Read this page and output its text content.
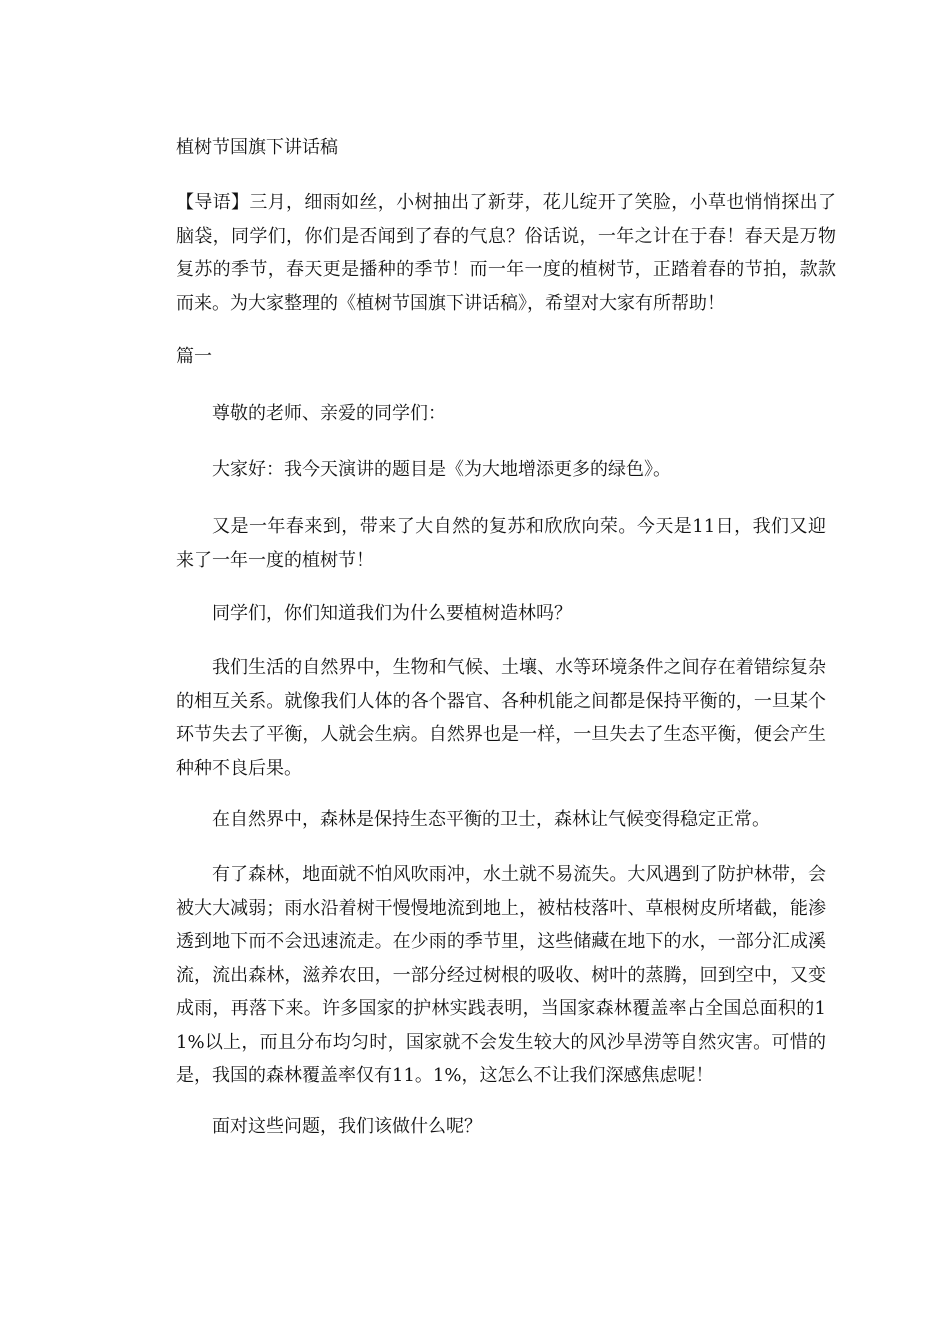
植树节国旗下讲话稿
【导语】三月，细雨如丝，小树抽出了新芽，花儿绽开了笑脸，小草也悄悄探出了脑袋，同学们，你们是否闻到了春的气息？俗话说，一年之计在于春！春天是万物复苏的季节，春天更是播种的季节！而一年一度的植树节，正踏着春的节拍，款款而来。为大家整理的《植树节国旗下讲话稿》，希望对大家有所帮助！
篇一
尊敬的老师、亲爱的同学们：
大家好：我今天演讲的题目是《为大地增添更多的绿色》。
又是一年春来到，带来了大自然的复苏和欣欣向荣。今天是11日，我们又迎来了一年一度的植树节！
同学们，你们知道我们为什么要植树造林吗？
我们生活的自然界中，生物和气候、土壤、水等环境条件之间存在着错综复杂的相互关系。就像我们人体的各个器官、各种机能之间都是保持平衡的，一旦某个环节失去了平衡，人就会生病。自然界也是一样，一旦失去了生态平衡，便会产生种种不良后果。
在自然界中，森林是保持生态平衡的卫士，森林让气候变得稳定正常。
有了森林，地面就不怕风吹雨冲，水土就不易流失。大风遇到了防护林带，会被大大减弱；雨水沿着树干慢慢地流到地上，被枯枝落叶、草根树皮所堵截，能渗透到地下而不会迅速流走。在少雨的季节里，这些储藏在地下的水，一部分汇成溪流，流出森林，滋养农田，一部分经过树根的吸收、树叶的蒸腾，回到空中，又变成雨，再落下来。许多国家的护林实践表明，当国家森林覆盖率占全国总面积的11%以上，而且分布均匀时，国家就不会发生较大的风沙旱涝等自然灾害。可惜的是，我国的森林覆盖率仅有11。1%，这怎么不让我们深感焦虑呢！
面对这些问题，我们该做什么呢？
